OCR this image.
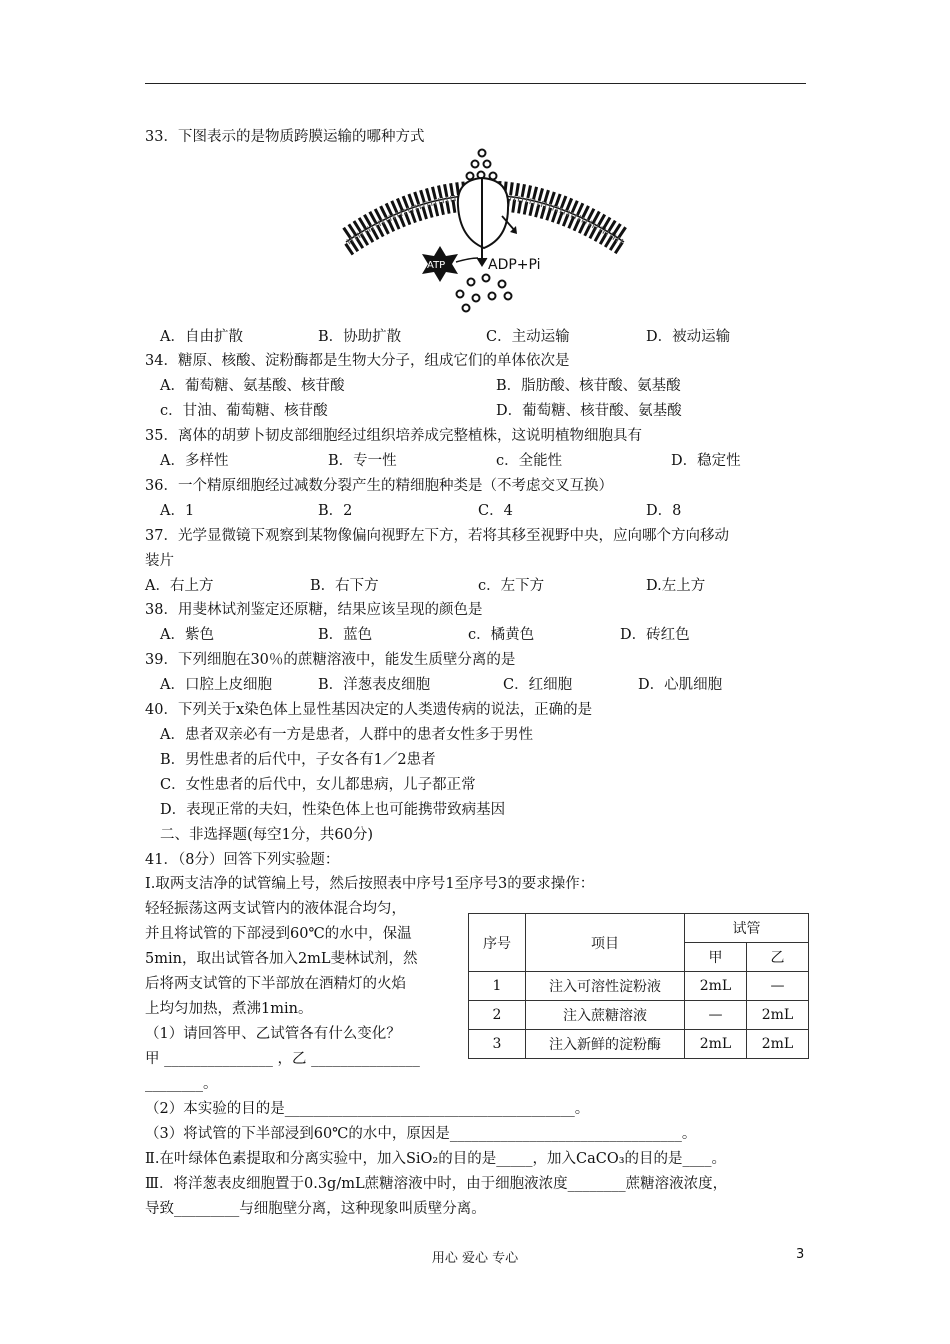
33．下图表示的是物质跨膜运输的哪种方式
ATP	ADP+Pi
A．自由扩散	B．协助扩散	C．主动运输	D．被动运输
34．糖原、核酸、淀粉酶都是生物大分子，组成它们的单体依次是
A．葡萄糖、氨基酸、核苷酸	B．脂肪酸、核苷酸、氨基酸
c．甘油、葡萄糖、核苷酸	D．葡萄糖、核苷酸、氨基酸
35．离体的胡萝卜韧皮部细胞经过组织培养成完整植株，这说明植物细胞具有
A．多样性	B．专一性	c．全能性	D．稳定性
36．一个精原细胞经过减数分裂产生的精细胞种类是（不考虑交叉互换）
A．1	B．2	C．4	D．8
37．光学显微镜下观察到某物像偏向视野左下方，若将其移至视野中央，应向哪个方向移动
装片
A．右上方	B．右下方	c．左下方	D.左上方
38．用斐林试剂鉴定还原糖，结果应该呈现的颜色是
A．紫色	B．蓝色	c．橘黄色	D．砖红色
39．下列细胞在30％的蔗糖溶液中，能发生质壁分离的是
A．口腔上皮细胞	B．洋葱表皮细胞	C．红细胞	D．心肌细胞
40．下列关于x染色体上显性基因决定的人类遗传病的说法，正确的是
A．患者双亲必有一方是患者，人群中的患者女性多于男性
B．男性患者的后代中，子女各有1／2患者
C．女性患者的后代中，女儿都患病，儿子都正常
D．表现正常的夫妇，性染色体上也可能携带致病基因
二、非选择题(每空1分，共60分)
41．（8分）回答下列实验题：
Ⅰ.取两支洁净的试管编上号，然后按照表中序号1至序号3的要求操作：
轻轻振荡这两支试管内的液体混合均匀，
并且将试管的下部浸到60℃的水中，保温
5min，取出试管各加入2mL斐林试剂，然
后将两支试管的下半部放在酒精灯的火焰
上均匀加热，煮沸1min。
（1）请回答甲、乙试管各有什么变化？
甲 _______________ ，乙 _______________
________。
（2）本实验的目的是________________________________________。
（3）将试管的下半部浸到60℃的水中，原因是________________________________。
Ⅱ.在叶绿体色素提取和分离实验中，加入SiO₂的目的是_____，加入CaCO₃的目的是____。
Ⅲ．将洋葱表皮细胞置于0.3g/mL蔗糖溶液中时，由于细胞液浓度________蔗糖溶液浓度，
导致_________与细胞壁分离，这种现象叫质壁分离。
序号	项目	试管	
		甲	乙
1	注入可溶性淀粉液	2mL	—
2	注入蔗糖溶液	—	2mL
3	注入新鲜的淀粉酶	2mL	2mL
用心 爱心 专心	3
